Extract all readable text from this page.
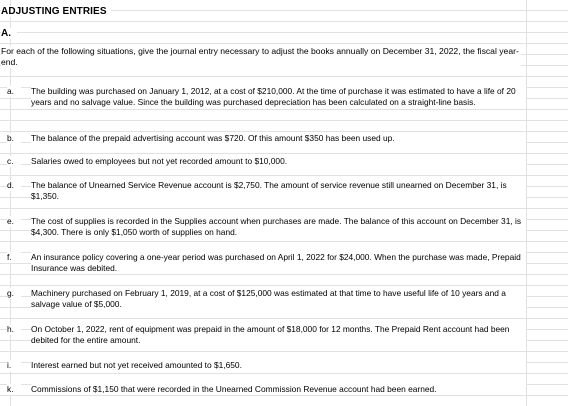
ADJUSTING ENTRIES
A.
For each of the following situations, give the journal entry necessary to adjust the books annually on December 31, 2022, the fiscal year-end.
a.	The building was purchased on January 1, 2012, at a cost of $210,000. At the time of purchase it was estimated to have a life of 20 years and no salvage value. Since the building was purchased depreciation has been calculated on a straight-line basis.
b.	The balance of the prepaid advertising account was $720. Of this amount $350 has been used up.
c.	Salaries owed to employees but not yet recorded amount to $10,000.
d.	The balance of Unearned Service Revenue account is $2,750. The amount of service revenue still unearned on December 31, is $1,350.
e.	The cost of supplies is recorded in the Supplies account when purchases are made. The balance of this account on December 31, is $4,300. There is only $1,050 worth of supplies on hand.
f.	An insurance policy covering a one-year period was purchased on April 1, 2022 for $24,000. When the purchase was made, Prepaid Insurance was debited.
g.	Machinery purchased on February 1, 2019, at a cost of $125,000 was estimated at that time to have useful life of 10 years and a salvage value of $5,000.
h.	On October 1, 2022, rent of equipment was prepaid in the amount of $18,000 for 12 months. The Prepaid Rent account had been debited for the entire amount.
i.	Interest earned but not yet received amounted to $1,650.
k.	Commissions of $1,150 that were recorded in the Unearned Commission Revenue account had been earned.
